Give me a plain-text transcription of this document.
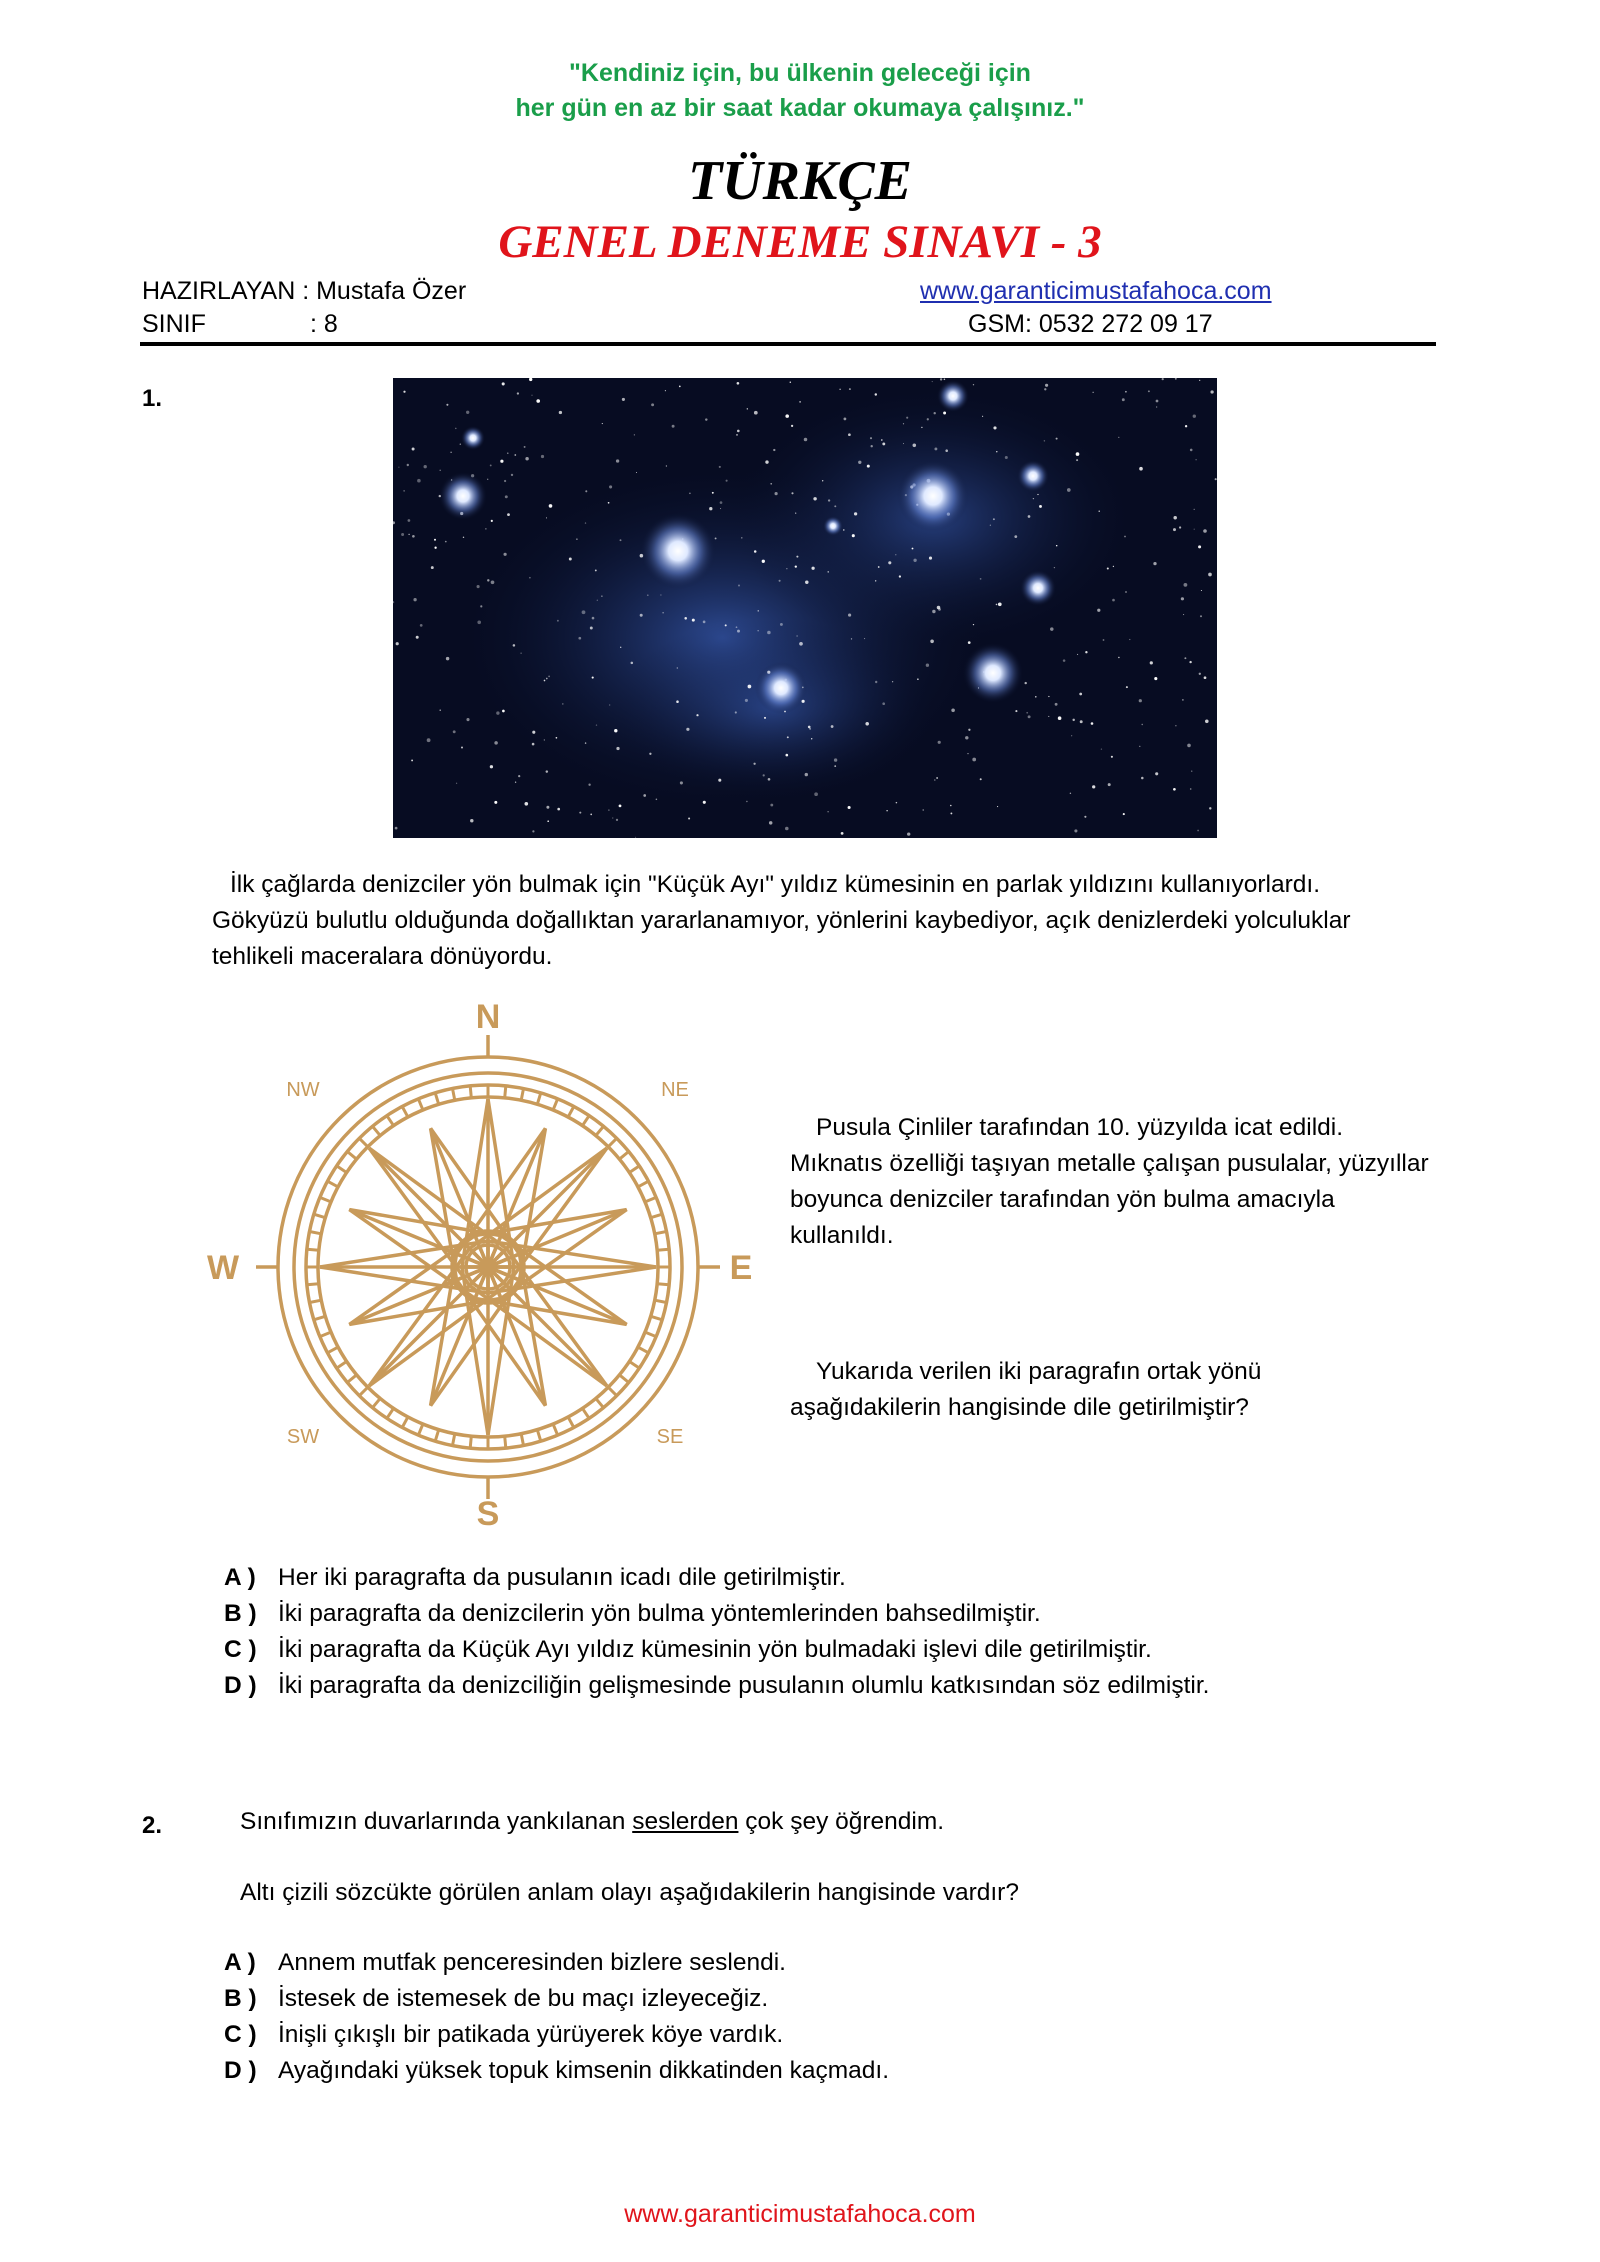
"Kendiniz için, bu ülkenin geleceği için
her gün en az bir saat kadar okumaya çalışınız."
TÜRKÇE
GENEL DENEME SINAVI - 3
HAZIRLAYAN : Mustafa Özer	www.garanticimustafahoca.com
SINIF	: 8	GSM: 0532 272 09 17
1.
İlk çağlarda denizciler yön bulmak için "Küçük Ayı" yıldız kümesinin en parlak yıldızını kullanıyorlardı. Gökyüzü bulutlu olduğunda doğallıktan yararlanamıyor, yönlerini kaybediyor, açık denizlerdeki yolculuklar tehlikeli maceralara dönüyordu.
N
S
W	E
NW	NE
SW	SE
Pusula Çinliler tarafından 10. yüzyılda icat edildi. Mıknatıs özelliği taşıyan metalle çalışan pusulalar, yüzyıllar boyunca denizciler tarafından yön bulma amacıyla kullanıldı.
Yukarıda verilen iki paragrafın ortak yönü aşağıdakilerin hangisinde dile getirilmiştir?
A ) Her iki paragrafta da pusulanın icadı dile getirilmiştir.
B ) İki paragrafta da denizcilerin yön bulma yöntemlerinden bahsedilmiştir.
C ) İki paragrafta da Küçük Ayı yıldız kümesinin yön bulmadaki işlevi dile getirilmiştir.
D ) İki paragrafta da denizciliğin gelişmesinde pusulanın olumlu katkısından söz edilmiştir.
2.	Sınıfımızın duvarlarında yankılanan seslerden çok şey öğrendim.
Altı çizili sözcükte görülen anlam olayı aşağıdakilerin hangisinde vardır?
A ) Annem mutfak penceresinden bizlere seslendi.
B ) İstesek de istemesek de bu maçı izleyeceğiz.
C ) İnişli çıkışlı bir patikada yürüyerek köye vardık.
D ) Ayağındaki yüksek topuk kimsenin dikkatinden kaçmadı.
www.garanticimustafahoca.com
